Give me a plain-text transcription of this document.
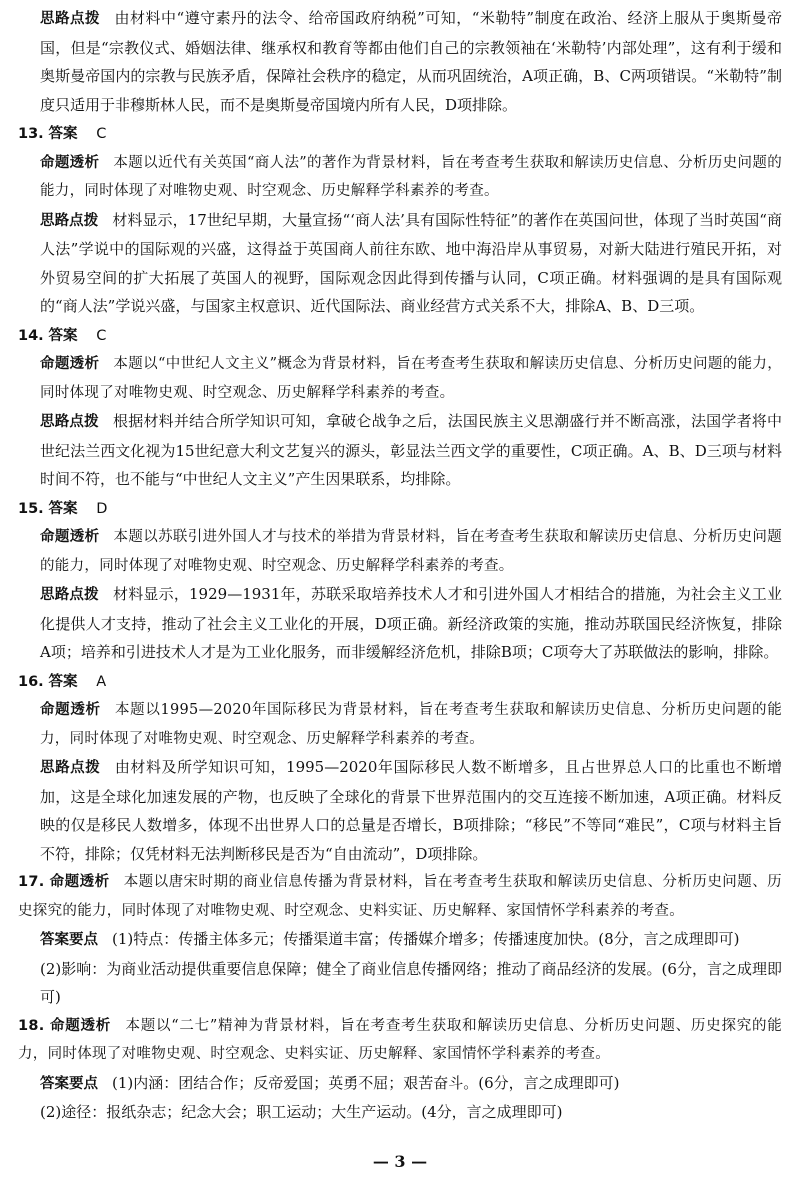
思路点拨 由材料中“遵守素丹的法令、给帝国政府纳税”可知，“米勒特”制度在政治、经济上服从于奥斯曼帝国，但是“宗教仪式、婚姻法律、继承权和教育等都由他们自己的宗教领袖在‘米勒特’内部处理”，这有利于缓和奥斯曼帝国内的宗教与民族矛盾，保障社会秩序的稳定，从而巩固统治，A项正确，B、C两项错误。“米勒特”制度只适用于非穆斯林人民，而不是奥斯曼帝国境内所有人民，D项排除。

13. 答案 C

命题透析 本题以近代有关英国“商人法”的著作为背景材料，旨在考查考生获取和解读历史信息、分析历史问题的能力，同时体现了对唯物史观、时空观念、历史解释学科素养的考查。

思路点拨 材料显示，17世纪早期，大量宣扬“‘商人法’具有国际性特征”的著作在英国问世，体现了当时英国“商人法”学说中的国际观的兴盛，这得益于英国商人前往东欧、地中海沿岸从事贸易，对新大陆进行殖民开拓，对外贸易空间的扩大拓展了英国人的视野，国际观念因此得到传播与认同，C项正确。材料强调的是具有国际观的“商人法”学说兴盛，与国家主权意识、近代国际法、商业经营方式关系不大，排除A、B、D三项。

14. 答案 C

命题透析 本题以“中世纪人文主义”概念为背景材料，旨在考查考生获取和解读历史信息、分析历史问题的能力，同时体现了对唯物史观、时空观念、历史解释学科素养的考查。

思路点拨 根据材料并结合所学知识可知，拿破仑战争之后，法国民族主义思潮盛行并不断高涨，法国学者将中世纪法兰西文化视为15世纪意大利文艺复兴的源头，彰显法兰西文学的重要性，C项正确。A、B、D三项与材料时间不符，也不能与“中世纪人文主义”产生因果联系，均排除。

15. 答案 D

命题透析 本题以苏联引进外国人才与技术的举措为背景材料，旨在考查考生获取和解读历史信息、分析历史问题的能力，同时体现了对唯物史观、时空观念、历史解释学科素养的考查。

思路点拨 材料显示，1929—1931年，苏联采取培养技术人才和引进外国人才相结合的措施，为社会主义工业化提供人才支持，推动了社会主义工业化的开展，D项正确。新经济政策的实施，推动苏联国民经济恢复，排除A项；培养和引进技术人才是为工业化服务，而非缓解经济危机，排除B项；C项夸大了苏联做法的影响，排除。

16. 答案 A

命题透析 本题以1995—2020年国际移民为背景材料，旨在考查考生获取和解读历史信息、分析历史问题的能力，同时体现了对唯物史观、时空观念、历史解释学科素养的考查。

思路点拨 由材料及所学知识可知，1995—2020年国际移民人数不断增多，且占世界总人口的比重也不断增加，这是全球化加速发展的产物，也反映了全球化的背景下世界范围内的交互连接不断加速，A项正确。材料反映的仅是移民人数增多，体现不出世界人口的总量是否增长，B项排除；“移民”不等同“难民”，C项与材料主旨不符，排除；仅凭材料无法判断移民是否为“自由流动”，D项排除。

17. 命题透析 本题以唐宋时期的商业信息传播为背景材料，旨在考查考生获取和解读历史信息、分析历史问题、历史探究的能力，同时体现了对唯物史观、时空观念、史料实证、历史解释、家国情怀学科素养的考查。

答案要点 (1)特点：传播主体多元；传播渠道丰富；传播媒介增多；传播速度加快。(8分，言之成理即可)

(2)影响：为商业活动提供重要信息保障；健全了商业信息传播网络；推动了商品经济的发展。(6分，言之成理即可)

18. 命题透析 本题以“二七”精神为背景材料，旨在考查考生获取和解读历史信息、分析历史问题、历史探究的能力，同时体现了对唯物史观、时空观念、史料实证、历史解释、家国情怀学科素养的考查。

答案要点 (1)内涵：团结合作；反帝爱国；英勇不屈；艰苦奋斗。(6分，言之成理即可)

(2)途径：报纸杂志；纪念大会；职工运动；大生产运动。(4分，言之成理即可)

— 3 —
